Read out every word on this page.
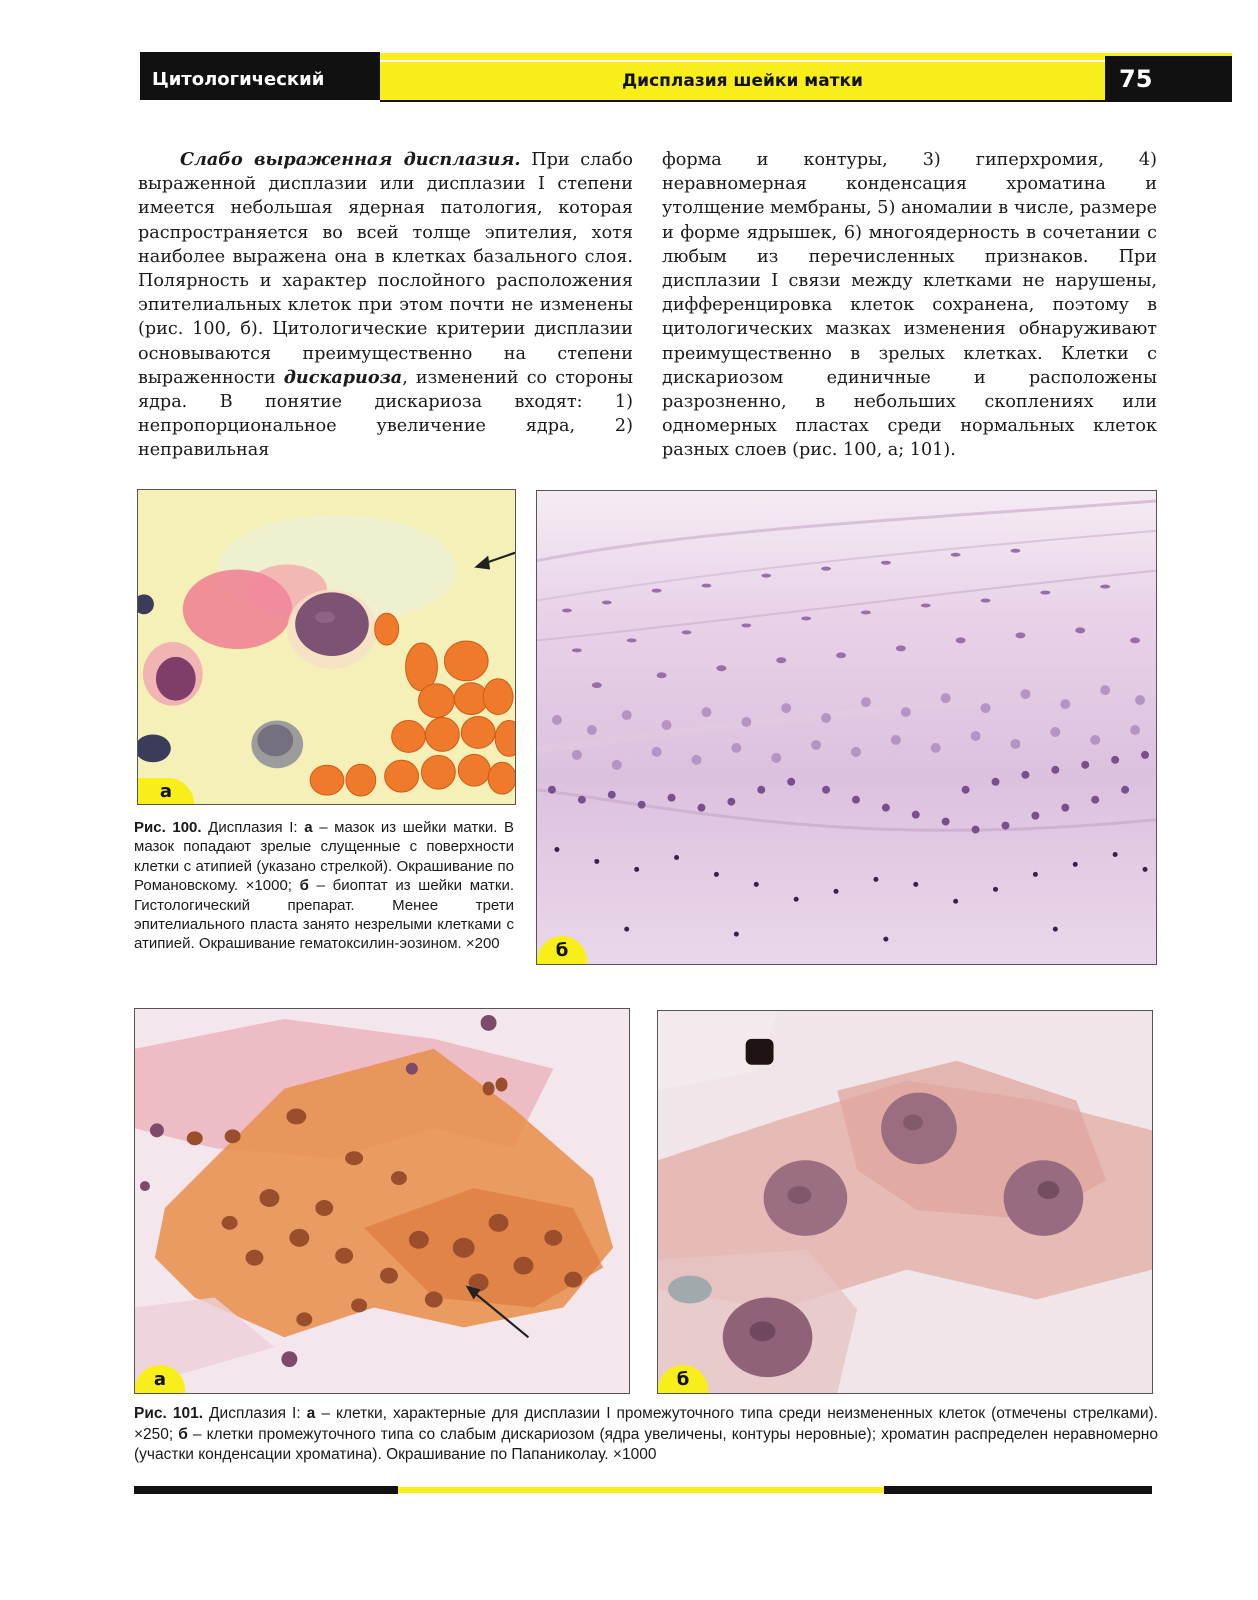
Цитологический атлас
Дисплазия шейки матки	75

Слабо выраженная дисплазия. При слабо выраженной дисплазии или дисплазии I степени имеется небольшая ядерная патология, которая распространяется во всей толще эпителия, хотя наиболее выражена она в клетках базального слоя. Полярность и характер послойного расположения эпителиальных клеток при этом почти не изменены (рис. 100, б). Цитологические критерии дисплазии основываются преимущественно на степени выраженности дискариоза, изменений со стороны ядра. В понятие дискариоза входят: 1) непропорциональное увеличение ядра, 2) неправильная

форма и контуры, 3) гиперхромия, 4) неравномерная конденсация хроматина и утолщение мембраны, 5) аномалии в числе, размере и форме ядрышек, 6) многоядерность в сочетании с любым из перечисленных признаков. При дисплазии I связи между клетками не нарушены, дифференцировка клеток сохранена, поэтому в цитологических мазках изменения обнаруживают преимущественно в зрелых клетках. Клетки с дискариозом единичные и расположены разрозненно, в небольших скоплениях или одномерных пластах среди нормальных клеток разных слоев (рис. 100, а; 101).

а
б
Рис. 100. Дисплазия I: а – мазок из шейки матки. В мазок попадают зрелые слущенные с поверхности клетки с атипией (указано стрелкой). Окрашивание по Романовскому. ×1000; б – биоптат из шейки матки. Гистологический препарат. Менее трети эпителиального пласта занято незрелыми клетками с атипией. Окрашивание гематоксилин-эозином. ×200
а	б
Рис. 101. Дисплазия I: а – клетки, характерные для дисплазии I промежуточного типа среди неизмененных клеток (отмечены стрелками). ×250; б – клетки промежуточного типа со слабым дискариозом (ядра увеличены, контуры неровные); хроматин распределен неравномерно (участки конденсации хроматина). Окрашивание по Папаниколау. ×1000
